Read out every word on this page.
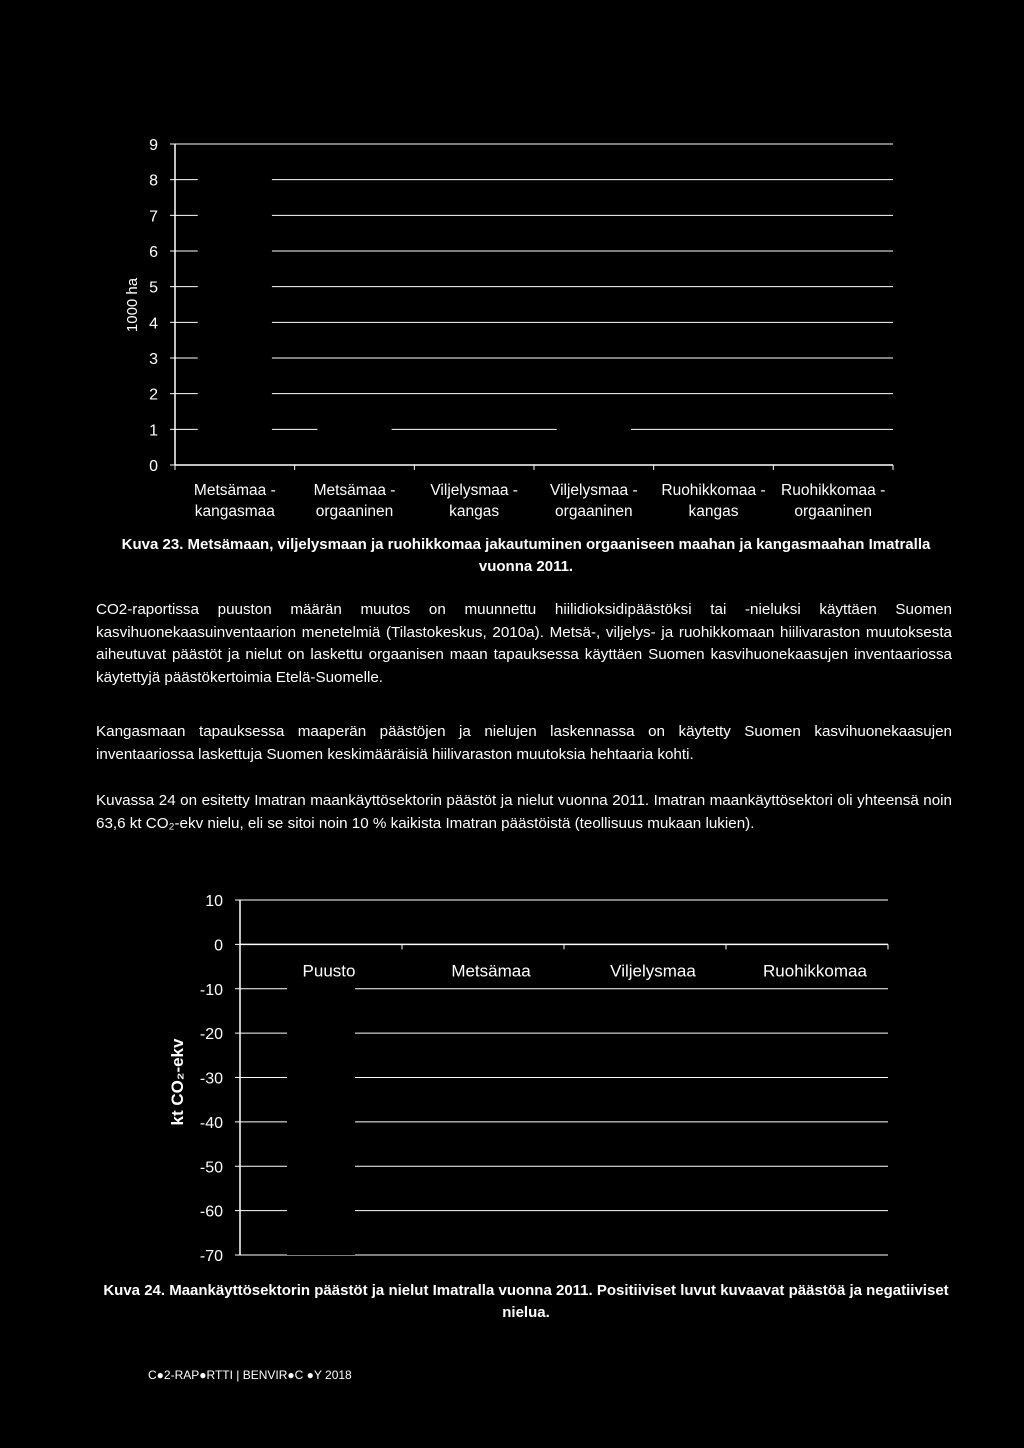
0
1
2
3
4
5
6
7
8
9
Metsämaa -kangasmaa
Metsämaa -orgaaninen
Viljelysmaa -kangas
Viljelysmaa -orgaaninen
Ruohikkomaa -kangas
Ruohikkomaa -orgaaninen
1000 ha
Kuva 23. Metsämaan, viljelysmaan ja ruohikkomaa jakautuminen orgaaniseen maahan ja kangasmaahan Imatralla vuonna 2011.
CO2-raportissa puuston määrän muutos on muunnettu hiilidioksidipäästöksi tai -nieluksi käyttäen Suomen kasvihuonekaasuinventaarion menetelmiä (Tilastokeskus, 2010a). Metsä-, viljelys- ja ruohikkomaan hiilivaraston muutoksesta aiheutuvat päästöt ja nielut on laskettu orgaanisen maan tapauksessa käyttäen Suomen kasvihuonekaasujen inventaariossa käytettyjä päästökertoimia Etelä-Suomelle.
Kangasmaan tapauksessa maaperän päästöjen ja nielujen laskennassa on käytetty Suomen kasvihuonekaasujen inventaariossa laskettuja Suomen keskimääräisiä hiilivaraston muutoksia hehtaaria kohti.
Kuvassa 24 on esitetty Imatran maankäyttösektorin päästöt ja nielut vuonna 2011. Imatran maankäyttösektori oli yhteensä noin 63,6 kt CO₂-ekv nielu, eli se sitoi noin 10 % kaikista Imatran päästöistä (teollisuus mukaan lukien).
10
0
-10
-20
-30
-40
-50
-60
-70
Puusto	Metsämaa	Viljelysmaa	Ruohikkomaa
kt CO₂-ekv
Kuva 24. Maankäyttösektorin päästöt ja nielut Imatralla vuonna 2011. Positiiviset luvut kuvaavat päästöä ja negatiiviset nielua.
C●2-RAP●RTTI | BENVIR●C ●Y 2018
